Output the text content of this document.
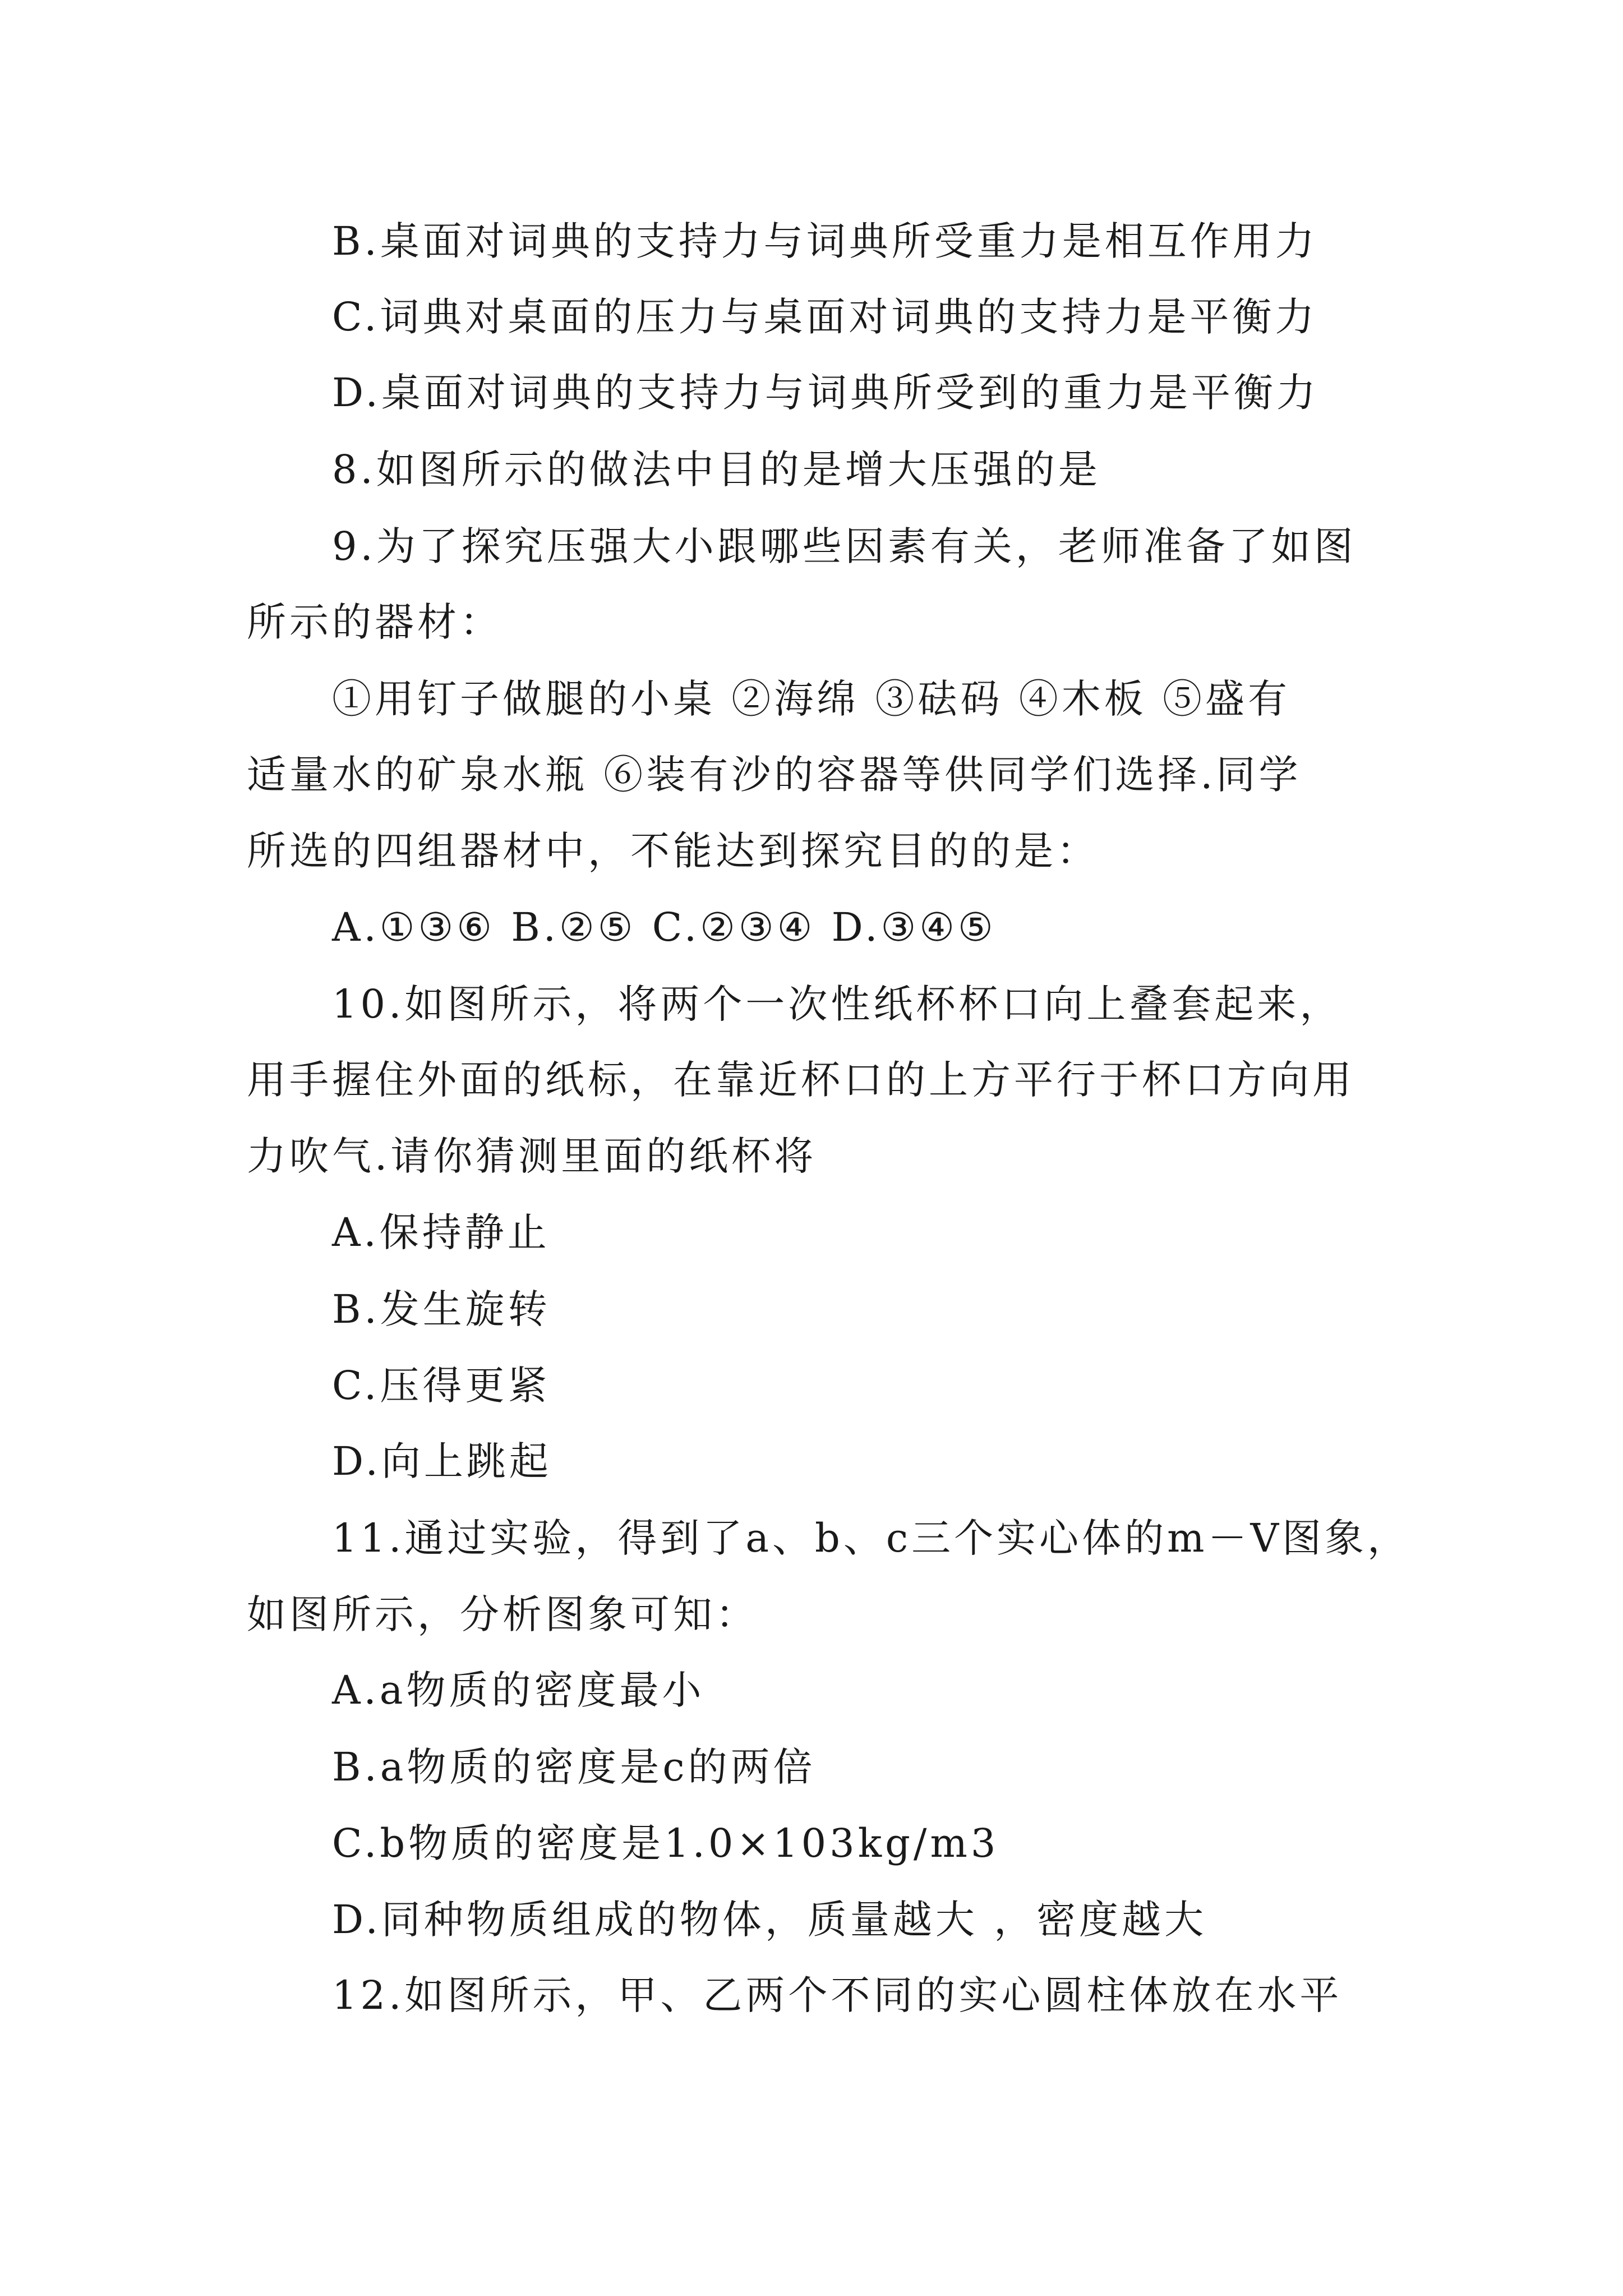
B.桌面对词典的支持力与词典所受重力是相互作用力
C.词典对桌面的压力与桌面对词典的支持力是平衡力
D.桌面对词典的支持力与词典所受到的重力是平衡力
8.如图所示的做法中目的是增大压强的是
9.为了探究压强大小跟哪些因素有关，老师准备了如图
所示的器材：
①用钉子做腿的小桌 ②海绵 ③砝码 ④木板 ⑤盛有
适量水的矿泉水瓶 ⑥装有沙的容器等供同学们选择.同学
所选的四组器材中，不能达到探究目的的是：
A.①③⑥ B.②⑤ C.②③④ D.③④⑤
10.如图所示，将两个一次性纸杯杯口向上叠套起来，
用手握住外面的纸标，在靠近杯口的上方平行于杯口方向用
力吹气.请你猜测里面的纸杯将
A.保持静止
B.发生旋转
C.压得更紧
D.向上跳起
11.通过实验，得到了a、b、c三个实心体的m－V图象，
如图所示，分析图象可知：
A.a物质的密度最小
B.a物质的密度是c的两倍
C.b物质的密度是1.0×103kg/m3
D.同种物质组成的物体，质量越大 ，密度越大
12.如图所示，甲、乙两个不同的实心圆柱体放在水平
